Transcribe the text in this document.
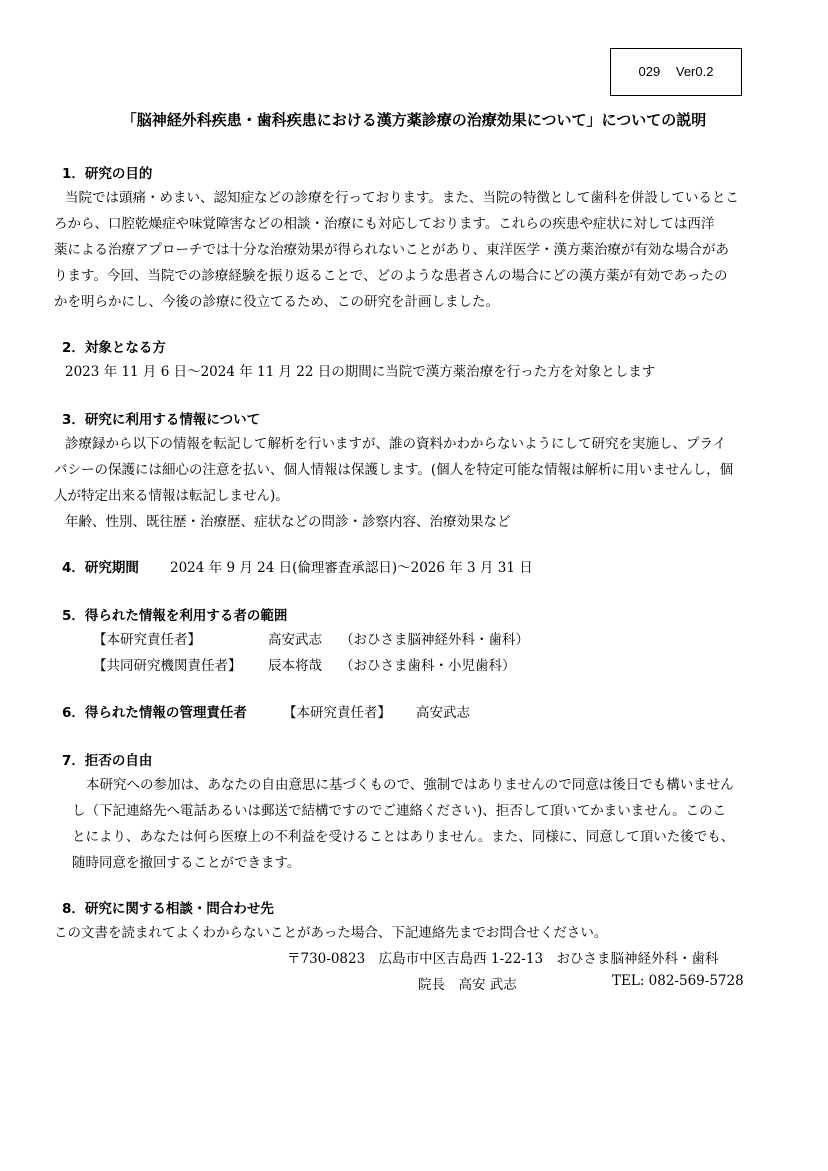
029 Ver0.2
「脳神経外科疾患・歯科疾患における漢方薬診療の治療効果について」についての説明
1．研究の目的
当院では頭痛・めまい、認知症などの診療を行っております。また、当院の特徴として歯科を併設しているとこ
ろから、口腔乾燥症や味覚障害などの相談・治療にも対応しております。これらの疾患や症状に対しては西洋
薬による治療アプローチでは十分な治療効果が得られないことがあり、東洋医学・漢方薬治療が有効な場合があ
ります。今回、当院での診療経験を振り返ることで、どのような患者さんの場合にどの漢方薬が有効であったの
かを明らかにし、今後の診療に役立てるため、この研究を計画しました。
2．対象となる方
2023 年 11 月 6 日～2024 年 11 月 22 日の期間に当院で漢方薬治療を行った方を対象とします
3．研究に利用する情報について
診療録から以下の情報を転記して解析を行いますが、誰の資料かわからないようにして研究を実施し、プライ
バシーの保護には細心の注意を払い、個人情報は保護します。(個人を特定可能な情報は解析に用いませんし，個
人が特定出来る情報は転記しません)。
年齢、性別、既往歴・治療歴、症状などの問診・診察内容、治療効果など
4．研究期間 2024 年 9 月 24 日(倫理審査承認日)～2026 年 3 月 31 日
5．得られた情報を利用する者の範囲
【本研究責任者】	高安武志 （おひさま脳神経外科・歯科）
【共同研究機関責任者】 辰本将哉 （おひさま歯科・小児歯科）
6．得られた情報の管理責任者	【本研究責任者】 高安武志
7．拒否の自由
本研究への参加は、あなたの自由意思に基づくもので、強制ではありませんので同意は後日でも構いません
し（下記連絡先へ電話あるいは郵送で結構ですのでご連絡ください)、拒否して頂いてかまいません。このこ
とにより、あなたは何ら医療上の不利益を受けることはありません。また、同様に、同意して頂いた後でも、
随時同意を撤回することができます。
8．研究に関する相談・問合わせ先
この文書を読まれてよくわからないことがあった場合、下記連絡先までお問合せください。
〒730-0823　広島市中区吉島西 1-22-13　おひさま脳神経外科・歯科
院長　高安 武志	TEL: 082-569-5728
